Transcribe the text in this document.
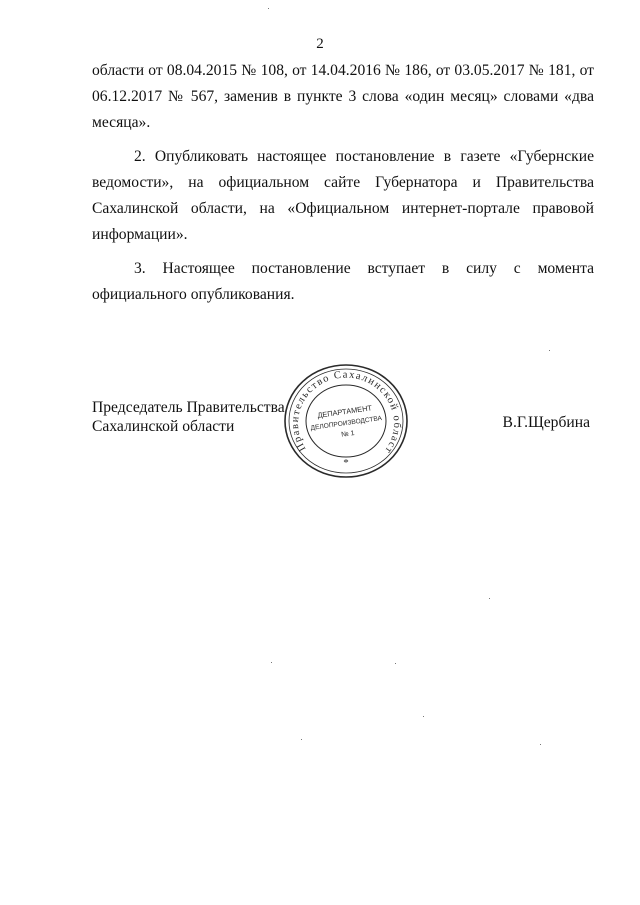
2

области от 08.04.2015 № 108, от 14.04.2016 № 186, от 03.05.2017 № 181, от 06.12.2017 № 567, заменив в пункте 3 слова «один месяц» словами «два месяца».

2. Опубликовать настоящее постановление в газете «Губернские ведомости», на официальном сайте Губернатора и Правительства Сахалинской области, на «Официальном интернет-портале правовой информации».

3. Настоящее постановление вступает в силу с момента официального опубликования.

Председатель Правительства
Сахалинской области	В.Г.Щербина
Правительство Сахалинской област
*
ДЕПАРТАМЕНТ
ДЕЛОПРОИЗВОДСТВА
№ 1
